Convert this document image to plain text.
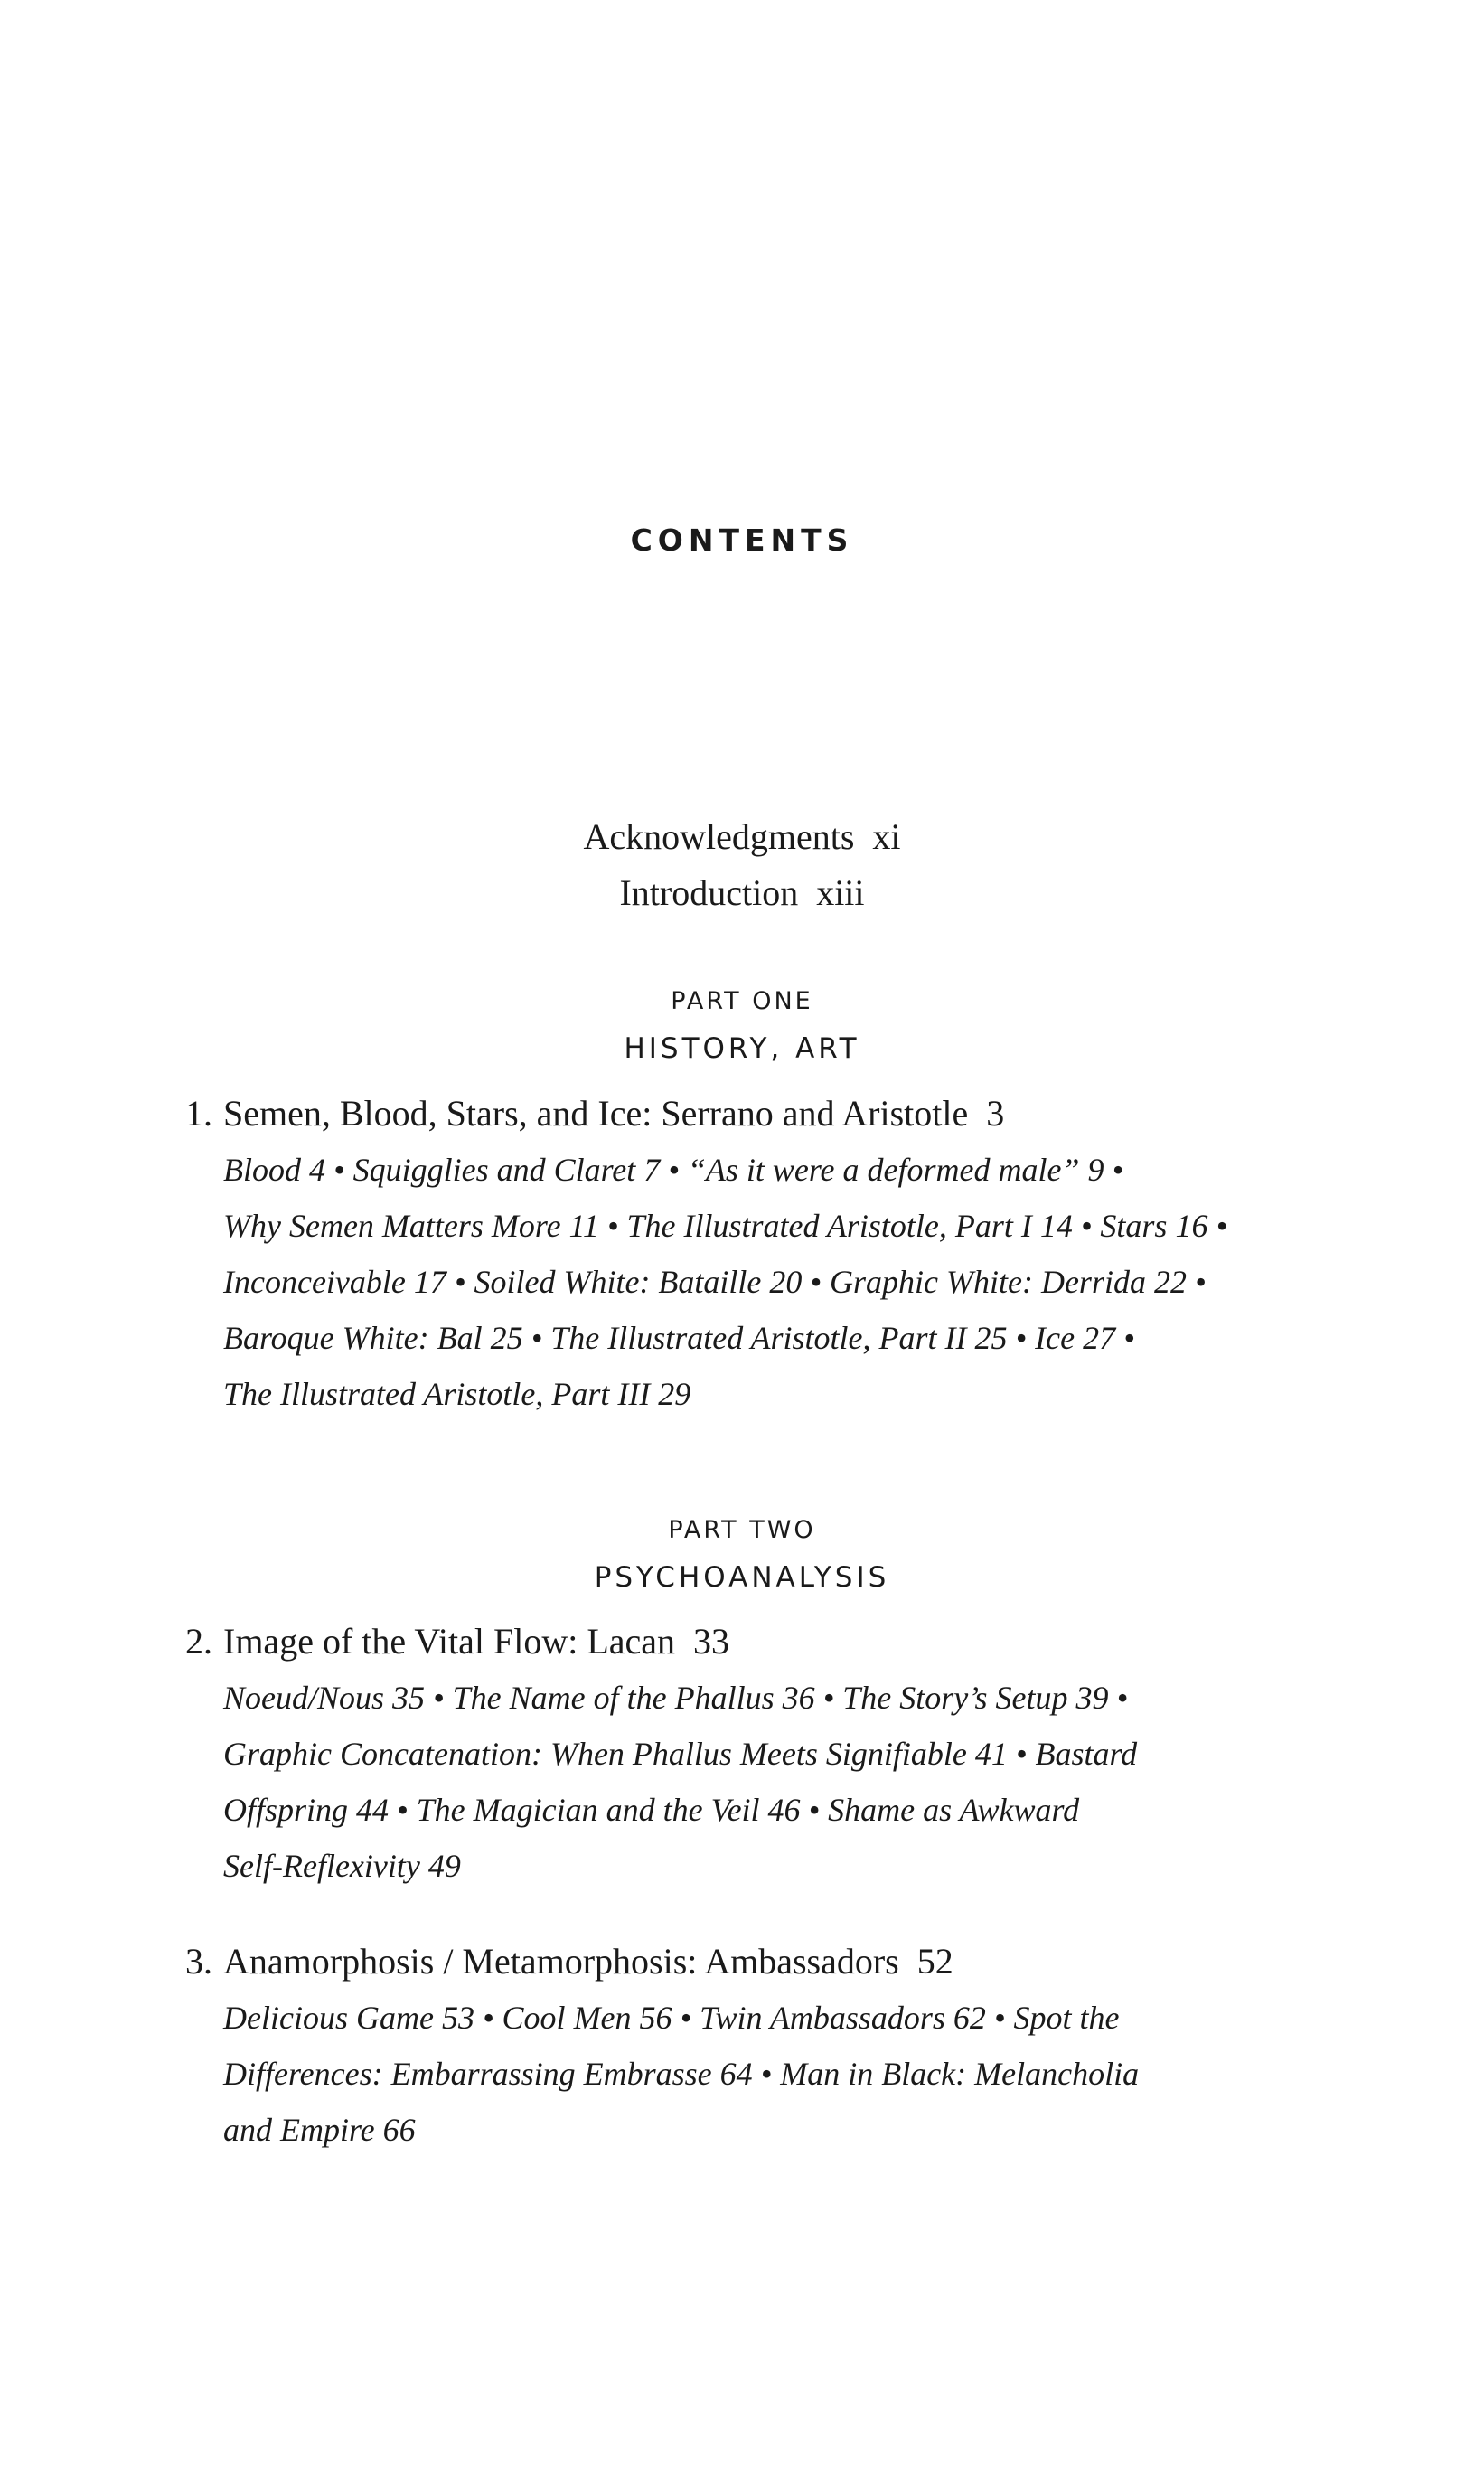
CONTENTS
Acknowledgments xi
Introduction xiii
PART ONE
HISTORY, ART
1. Semen, Blood, Stars, and Ice: Serrano and Aristotle 3
Blood 4 • Squigglies and Claret 7 • “As it were a deformed male” 9 •
Why Semen Matters More 11 • The Illustrated Aristotle, Part I 14 • Stars 16 •
Inconceivable 17 • Soiled White: Bataille 20 • Graphic White: Derrida 22 •
Baroque White: Bal 25 • The Illustrated Aristotle, Part II 25 • Ice 27 •
The Illustrated Aristotle, Part III 29
PART TWO
PSYCHOANALYSIS
2. Image of the Vital Flow: Lacan 33
Noeud/Nous 35 • The Name of the Phallus 36 • The Story’s Setup 39 •
Graphic Concatenation: When Phallus Meets Signifiable 41 • Bastard
Offspring 44 • The Magician and the Veil 46 • Shame as Awkward
Self-Reflexivity 49
3. Anamorphosis / Metamorphosis: Ambassadors 52
Delicious Game 53 • Cool Men 56 • Twin Ambassadors 62 • Spot the
Differences: Embarrassing Embrasse 64 • Man in Black: Melancholia
and Empire 66
